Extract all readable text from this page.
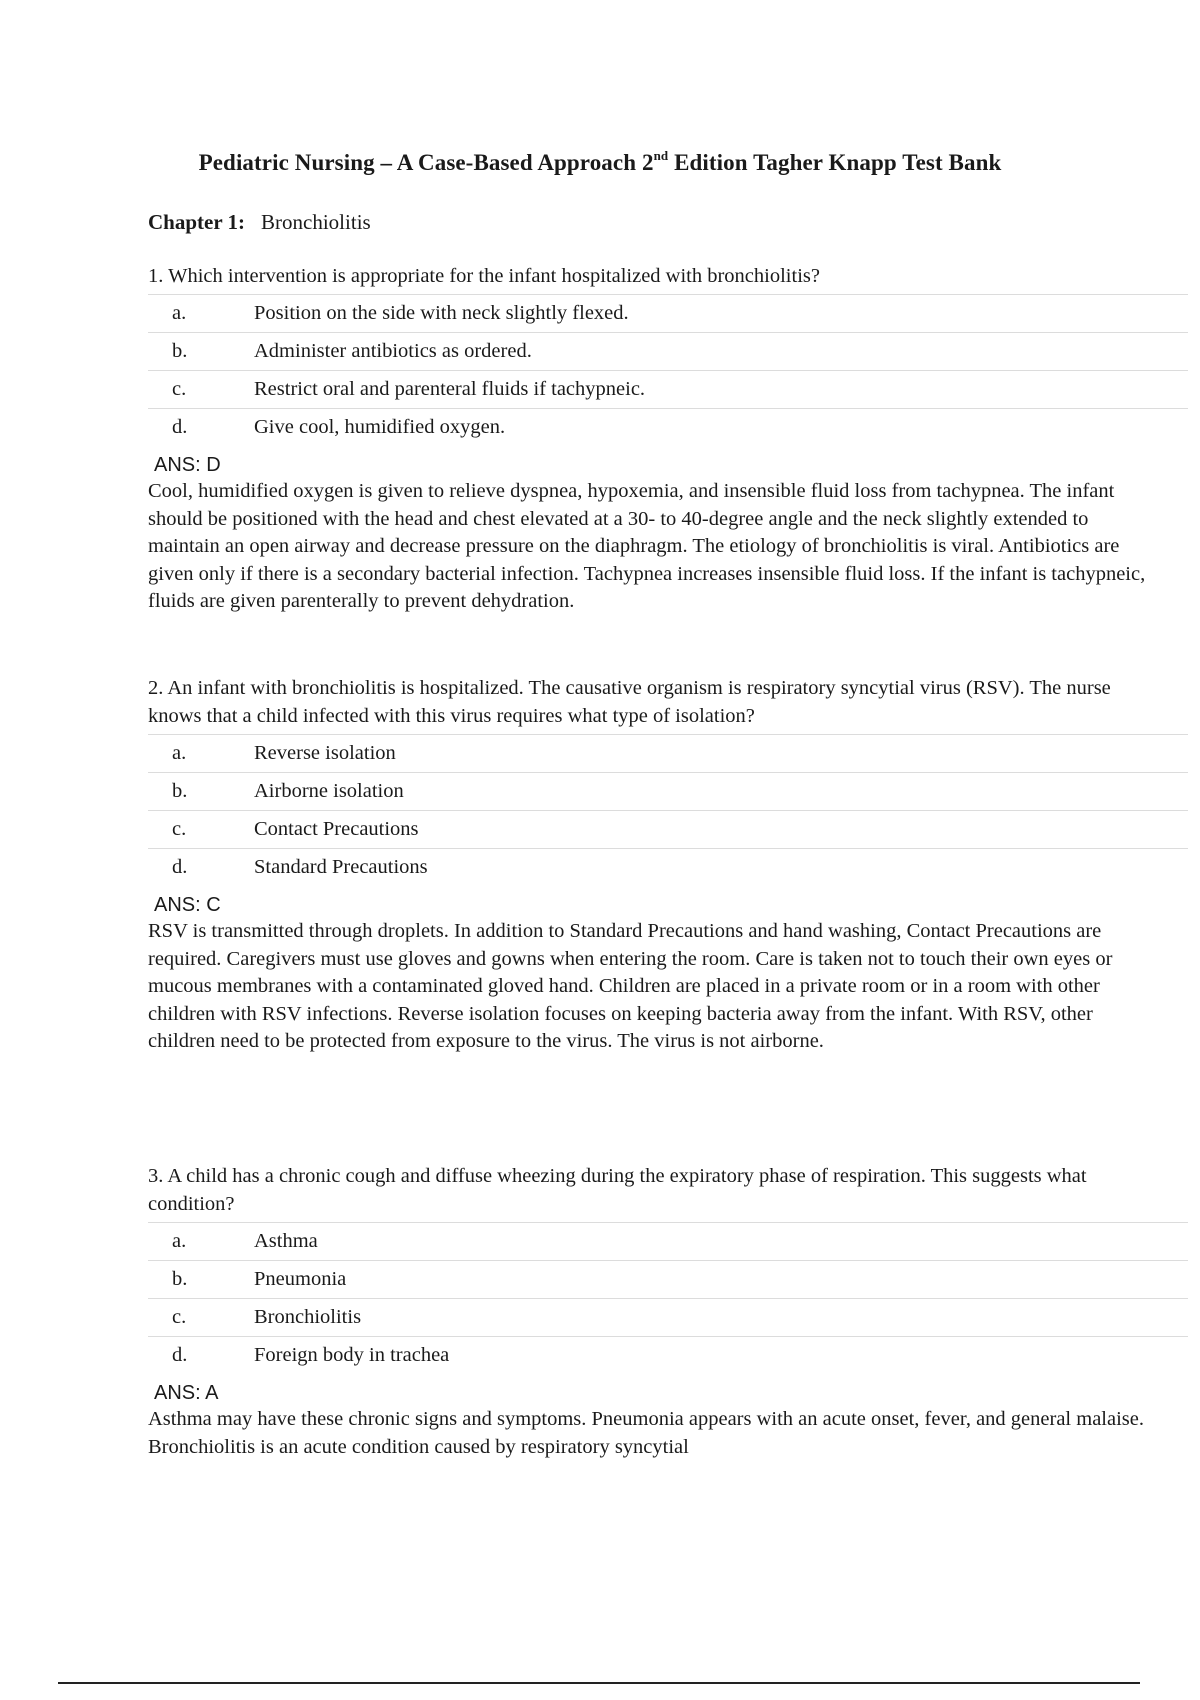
Pediatric Nursing – A Case-Based Approach 2nd Edition Tagher Knapp Test Bank
Chapter 1: Bronchiolitis
1. Which intervention is appropriate for the infant hospitalized with bronchiolitis?
a.	Position on the side with neck slightly flexed.
b.	Administer antibiotics as ordered.
c.	Restrict oral and parenteral fluids if tachypneic.
d.	Give cool, humidified oxygen.
ANS: D
Cool, humidified oxygen is given to relieve dyspnea, hypoxemia, and insensible fluid loss from tachypnea. The infant should be positioned with the head and chest elevated at a 30- to 40-degree angle and the neck slightly extended to maintain an open airway and decrease pressure on the diaphragm. The etiology of bronchiolitis is viral. Antibiotics are given only if there is a secondary bacterial infection. Tachypnea increases insensible fluid loss. If the infant is tachypneic, fluids are given parenterally to prevent dehydration.
2. An infant with bronchiolitis is hospitalized. The causative organism is respiratory syncytial virus (RSV). The nurse knows that a child infected with this virus requires what type of isolation?
a.	Reverse isolation
b.	Airborne isolation
c.	Contact Precautions
d.	Standard Precautions
ANS: C
RSV is transmitted through droplets. In addition to Standard Precautions and hand washing, Contact Precautions are required. Caregivers must use gloves and gowns when entering the room. Care is taken not to touch their own eyes or mucous membranes with a contaminated gloved hand. Children are placed in a private room or in a room with other children with RSV infections. Reverse isolation focuses on keeping bacteria away from the infant. With RSV, other children need to be protected from exposure to the virus. The virus is not airborne.
3. A child has a chronic cough and diffuse wheezing during the expiratory phase of respiration. This suggests what condition?
a.	Asthma
b.	Pneumonia
c.	Bronchiolitis
d.	Foreign body in trachea
ANS: A
Asthma may have these chronic signs and symptoms. Pneumonia appears with an acute onset, fever, and general malaise. Bronchiolitis is an acute condition caused by respiratory syncytial
